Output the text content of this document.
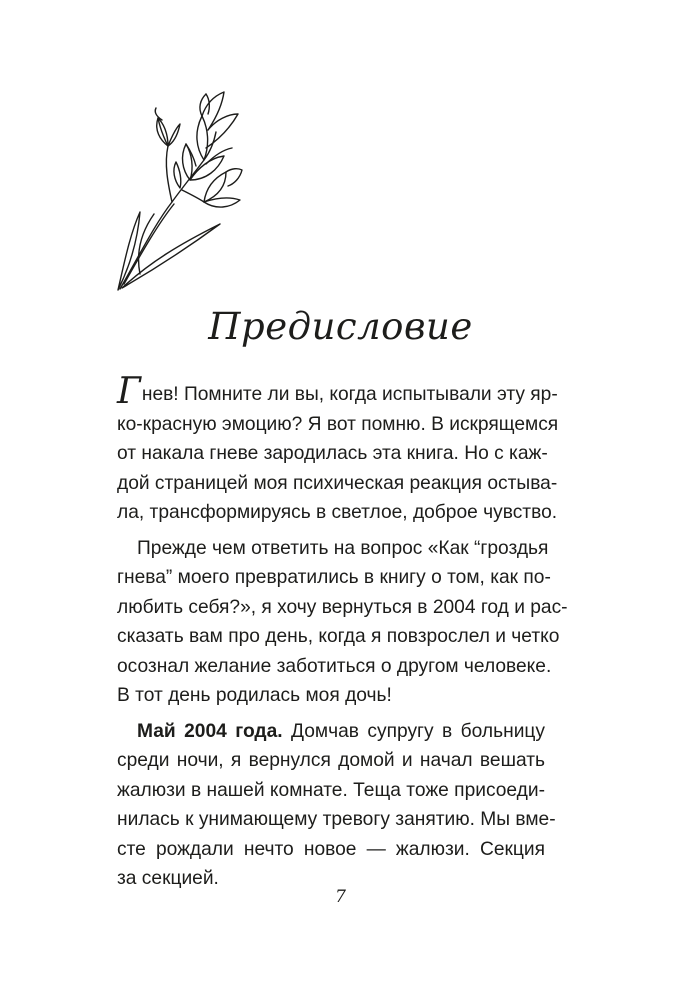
Предисловие

Гнев! Помните ли вы, когда испытывали эту яр-
ко-красную эмоцию? Я вот помню. В искрящемся
от накала гневе зародилась эта книга. Но с каж-
дой страницей моя психическая реакция остыва-
ла, трансформируясь в светлое, доброе чувство.

Прежде чем ответить на вопрос «Как “гроздья
гнева” моего превратились в книгу о том, как по-
любить себя?», я хочу вернуться в 2004 год и рас-
сказать вам про день, когда я повзрослел и четко
осознал желание заботиться о другом человеке.
В тот день родилась моя дочь!

Май 2004 года. Домчав супругу в больницу
среди ночи, я вернулся домой и начал вешать
жалюзи в нашей комнате. Теща тоже присоеди-
нилась к унимающему тревогу занятию. Мы вме-
сте рождали нечто новое — жалюзи. Секция
за секцией.

7
